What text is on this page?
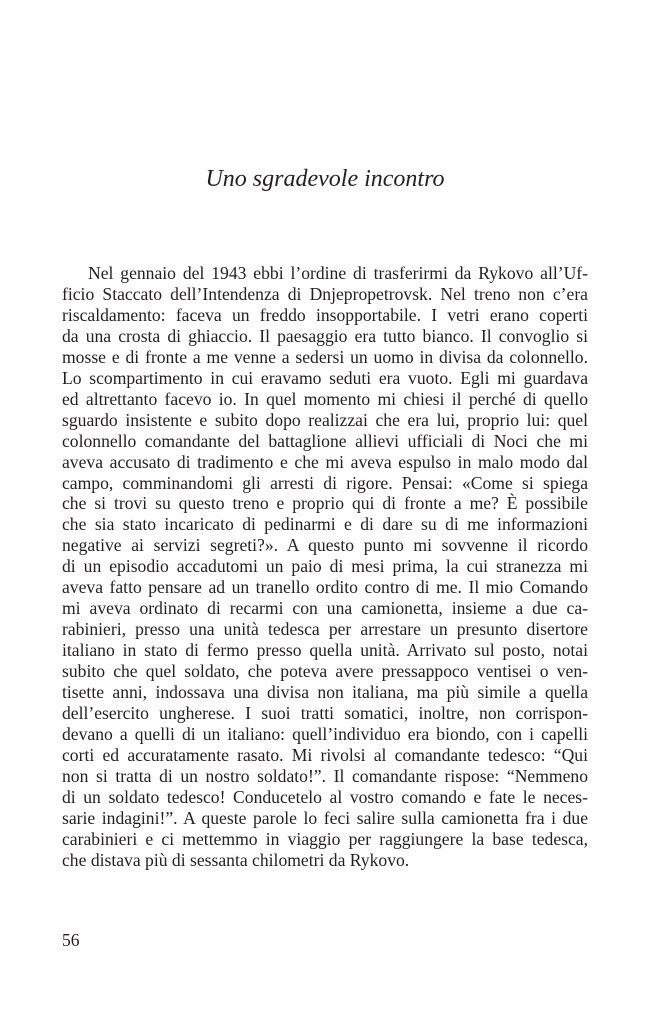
Uno sgradevole incontro
Nel gennaio del 1943 ebbi l’ordine di trasferirmi da Rykovo all’Uf-
ficio Staccato dell’Intendenza di Dnjepropetrovsk. Nel treno non c’era
riscaldamento: faceva un freddo insopportabile. I vetri erano coperti
da una crosta di ghiaccio. Il paesaggio era tutto bianco. Il convoglio si
mosse e di fronte a me venne a sedersi un uomo in divisa da colonnello.
Lo scompartimento in cui eravamo seduti era vuoto. Egli mi guardava
ed altrettanto facevo io. In quel momento mi chiesi il perché di quello
sguardo insistente e subito dopo realizzai che era lui, proprio lui: quel
colonnello comandante del battaglione allievi ufficiali di Noci che mi
aveva accusato di tradimento e che mi aveva espulso in malo modo dal
campo, comminandomi gli arresti di rigore. Pensai: «Come si spiega
che si trovi su questo treno e proprio qui di fronte a me? È possibile
che sia stato incaricato di pedinarmi e di dare su di me informazioni
negative ai servizi segreti?». A questo punto mi sovvenne il ricordo
di un episodio accadutomi un paio di mesi prima, la cui stranezza mi
aveva fatto pensare ad un tranello ordito contro di me. Il mio Comando
mi aveva ordinato di recarmi con una camionetta, insieme a due ca-
rabinieri, presso una unità tedesca per arrestare un presunto disertore
italiano in stato di fermo presso quella unità. Arrivato sul posto, notai
subito che quel soldato, che poteva avere pressappoco ventisei o ven-
tisette anni, indossava una divisa non italiana, ma più simile a quella
dell’esercito ungherese. I suoi tratti somatici, inoltre, non corrispon-
devano a quelli di un italiano: quell’individuo era biondo, con i capelli
corti ed accuratamente rasato. Mi rivolsi al comandante tedesco: “Qui
non si tratta di un nostro soldato!”. Il comandante rispose: “Nemmeno
di un soldato tedesco! Conducetelo al vostro comando e fate le neces-
sarie indagini!”. A queste parole lo feci salire sulla camionetta fra i due
carabinieri e ci mettemmo in viaggio per raggiungere la base tedesca,
che distava più di sessanta chilometri da Rykovo.
56
